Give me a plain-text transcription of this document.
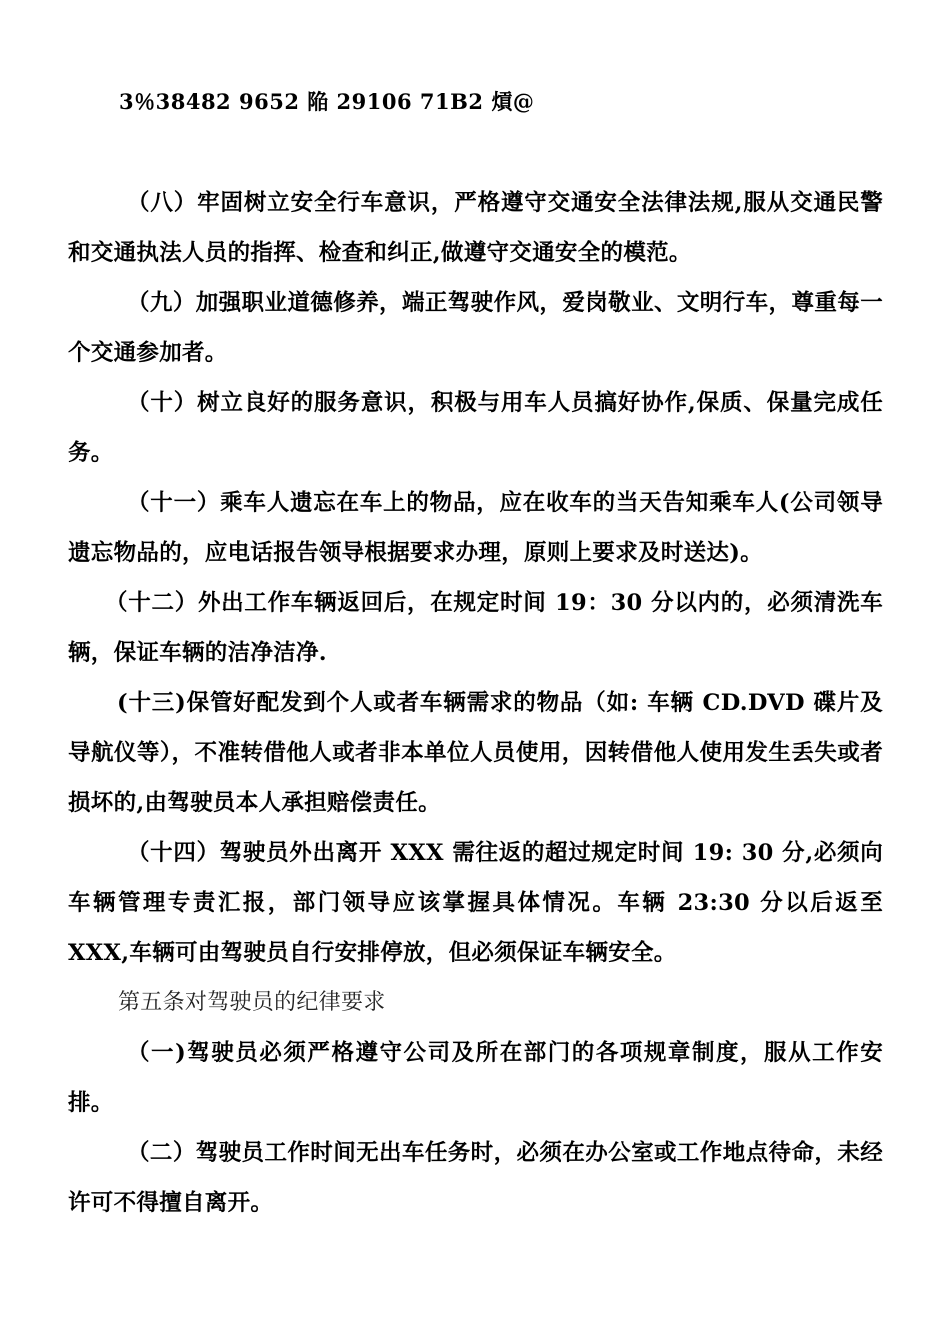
3％38482 9652 陥 29106 71B2 熕@

（八）牢固树立安全行车意识，严格遵守交通安全法律法规,服从交通民警和交通执法人员的指挥、检查和纠正,做遵守交通安全的模范。

（九）加强职业道德修养，端正驾驶作风，爱岗敬业、文明行车，尊重每一个交通参加者。

（十）树立良好的服务意识，积极与用车人员搞好协作,保质、保量完成任务。

（十一）乘车人遗忘在车上的物品，应在收车的当天告知乘车人(公司领导遗忘物品的，应电话报告领导根据要求办理，原则上要求及时送达)。

（十二）外出工作车辆返回后，在规定时间 19：30 分以内的，必须清洗车辆，保证车辆的洁净洁净.

(十三)保管好配发到个人或者车辆需求的物品（如: 车辆 CD.DVD 碟片及导航仪等），不准转借他人或者非本单位人员使用，因转借他人使用发生丢失或者损坏的,由驾驶员本人承担赔偿责任。

（十四）驾驶员外出离开 XXX 需往返的超过规定时间 19: 30 分,必须向车辆管理专责汇报，部门领导应该掌握具体情况。车辆 23:30 分以后返至 XXX,车辆可由驾驶员自行安排停放，但必须保证车辆安全。

第五条对驾驶员的纪律要求

（一)驾驶员必须严格遵守公司及所在部门的各项规章制度，服从工作安排。

（二）驾驶员工作时间无出车任务时，必须在办公室或工作地点待命，未经许可不得擅自离开。
